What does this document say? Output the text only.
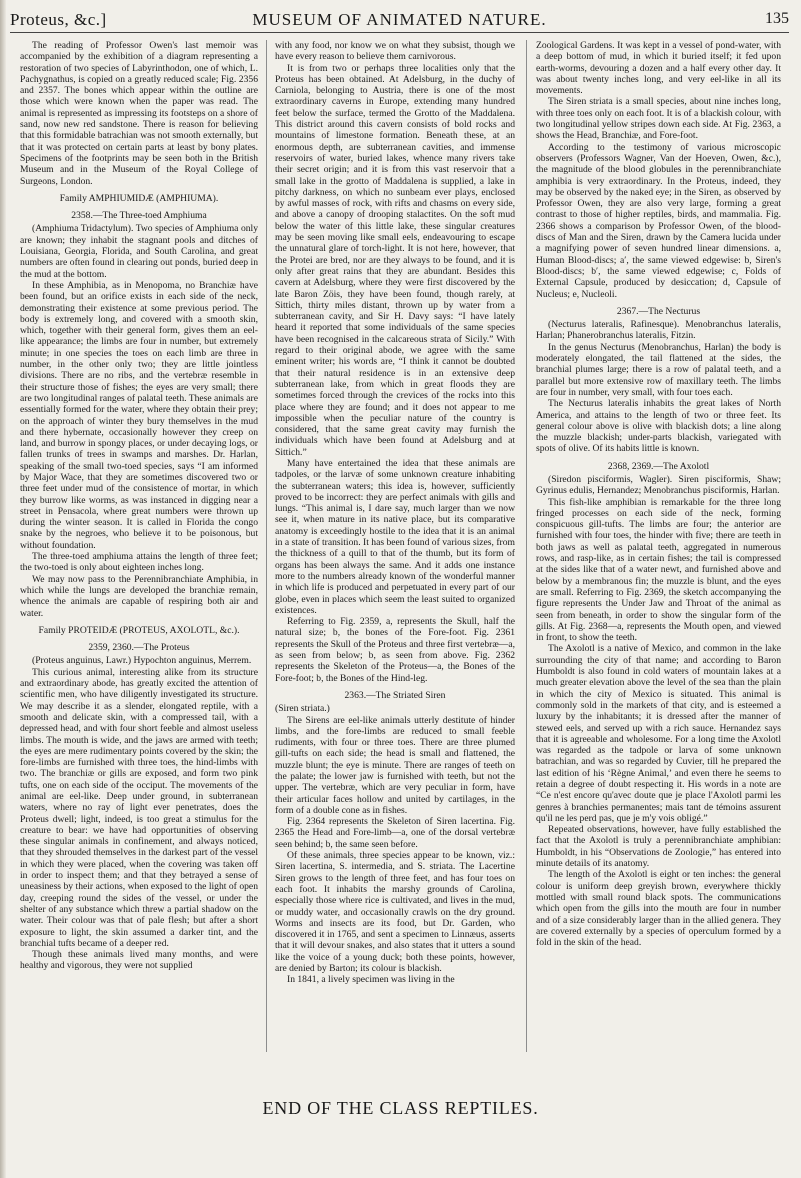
Proteus, &c.]	MUSEUM OF ANIMATED NATURE.	135

The reading of Professor Owen's last memoir was accompanied by the exhibition of a diagram representing a restoration of two species of Labyrinthodon, one of which, L. Pachygnathus, is copied on a greatly reduced scale; Fig. 2356 and 2357. The bones which appear within the outline are those which were known when the paper was read. The animal is represented as impressing its footsteps on a shore of sand, now new red sandstone. There is reason for believing that this formidable batrachian was not smooth externally, but that it was protected on certain parts at least by bony plates. Specimens of the footprints may be seen both in the British Museum and in the Museum of the Royal College of Surgeons, London.

Family AMPHIUMIDÆ (AMPHIUMA).

2358.—The Three-toed Amphiuma

(Amphiuma Tridactylum). Two species of Amphiuma only are known; they inhabit the stagnant pools and ditches of Louisiana, Georgia, Florida, and South Carolina, and great numbers are often found in clearing out ponds, buried deep in the mud at the bottom.

In these Amphibia, as in Menopoma, no Branchiæ have been found, but an orifice exists in each side of the neck, demonstrating their existence at some previous period. The body is extremely long, and covered with a smooth skin, which, together with their general form, gives them an eel-like appearance; the limbs are four in number, but extremely minute; in one species the toes on each limb are three in number, in the other only two; they are little jointless divisions. There are no ribs, and the vertebræ resemble in their structure those of fishes; the eyes are very small; there are two longitudinal ranges of palatal teeth. These animals are essentially formed for the water, where they obtain their prey; on the approach of winter they bury themselves in the mud and there hybernate, occasionally however they creep on land, and burrow in spongy places, or under decaying logs, or fallen trunks of trees in swamps and marshes. Dr. Harlan, speaking of the small two-toed species, says “I am informed by Major Wace, that they are sometimes discovered two or three feet under mud of the consistence of mortar, in which they burrow like worms, as was instanced in digging near a street in Pensacola, where great numbers were thrown up during the winter season. It is called in Florida the congo snake by the negroes, who believe it to be poisonous, but without foundation.

The three-toed amphiuma attains the length of three feet; the two-toed is only about eighteen inches long.

We may now pass to the Perennibranchiate Amphibia, in which while the lungs are developed the branchiæ remain, whence the animals are capable of respiring both air and water.

Family PROTEIDÆ (PROTEUS, AXOLOTL, &c.).

2359, 2360.—The Proteus

(Proteus anguinus, Lawr.) Hypochton anguinus, Merrem.

This curious animal, interesting alike from its structure and extraordinary abode, has greatly excited the attention of scientific men, who have diligently investigated its structure. We may describe it as a slender, elongated reptile, with a smooth and delicate skin, with a compressed tail, with a depressed head, and with four short feeble and almost useless limbs. The mouth is wide, and the jaws are armed with teeth; the eyes are mere rudimentary points covered by the skin; the fore-limbs are furnished with three toes, the hind-limbs with two. The branchiæ or gills are exposed, and form two pink tufts, one on each side of the occiput. The movements of the animal are eel-like. Deep under ground, in subterranean waters, where no ray of light ever penetrates, does the Proteus dwell; light, indeed, is too great a stimulus for the creature to bear: we have had opportunities of observing these singular animals in confinement, and always noticed, that they shrouded themselves in the darkest part of the vessel in which they were placed, when the covering was taken off in order to inspect them; and that they betrayed a sense of uneasiness by their actions, when exposed to the light of open day, creeping round the sides of the vessel, or under the shelter of any substance which threw a partial shadow on the water. Their colour was that of pale flesh; but after a short exposure to light, the skin assumed a darker tint, and the branchial tufts became of a deeper red.

Though these animals lived many months, and were healthy and vigorous, they were not supplied

with any food, nor know we on what they subsist, though we have every reason to believe them carnivorous.

It is from two or perhaps three localities only that the Proteus has been obtained. At Adelsburg, in the duchy of Carniola, belonging to Austria, there is one of the most extraordinary caverns in Europe, extending many hundred feet below the surface, termed the Grotto of the Maddalena. This district around this cavern consists of bold rocks and mountains of limestone formation. Beneath these, at an enormous depth, are subterranean cavities, and immense reservoirs of water, buried lakes, whence many rivers take their secret origin; and it is from this vast reservoir that a small lake in the grotto of Maddalena is supplied, a lake in pitchy darkness, on which no sunbeam ever plays, enclosed by awful masses of rock, with rifts and chasms on every side, and above a canopy of drooping stalactites. On the soft mud below the water of this little lake, these singular creatures may be seen moving like small eels, endeavouring to escape the unnatural glare of torch-light. It is not here, however, that the Protei are bred, nor are they always to be found, and it is only after great rains that they are abundant. Besides this cavern at Adelsburg, where they were first discovered by the late Baron Zöis, they have been found, though rarely, at Sittich, thirty miles distant, thrown up by water from a subterranean cavity, and Sir H. Davy says: “I have lately heard it reported that some individuals of the same species have been recognised in the calcareous strata of Sicily.” With regard to their original abode, we agree with the same eminent writer; his words are, “I think it cannot be doubted that their natural residence is in an extensive deep subterranean lake, from which in great floods they are sometimes forced through the crevices of the rocks into this place where they are found; and it does not appear to me impossible when the peculiar nature of the country is considered, that the same great cavity may furnish the individuals which have been found at Adelsburg and at Sittich.”

Many have entertained the idea that these animals are tadpoles, or the larvæ of some unknown creature inhabiting the subterranean waters; this idea is, however, sufficiently proved to be incorrect: they are perfect animals with gills and lungs. “This animal is, I dare say, much larger than we now see it, when mature in its native place, but its comparative anatomy is exceedingly hostile to the idea that it is an animal in a state of transition. It has been found of various sizes, from the thickness of a quill to that of the thumb, but its form of organs has been always the same. And it adds one instance more to the numbers already known of the wonderful manner in which life is produced and perpetuated in every part of our globe, even in places which seem the least suited to organized existences.

Referring to Fig. 2359, a, represents the Skull, half the natural size; b, the bones of the Fore-foot. Fig. 2361 represents the Skull of the Proteus and three first vertebræ—a, as seen from below; b, as seen from above. Fig. 2362 represents the Skeleton of the Proteus—a, the Bones of the Fore-foot; b, the Bones of the Hind-leg.

2363.—The Striated Siren

(Siren striata.)

The Sirens are eel-like animals utterly destitute of hinder limbs, and the fore-limbs are reduced to small feeble rudiments, with four or three toes. There are three plumed gill-tufts on each side; the head is small and flattened, the muzzle blunt; the eye is minute. There are ranges of teeth on the palate; the lower jaw is furnished with teeth, but not the upper. The vertebræ, which are very peculiar in form, have their articular faces hollow and united by cartilages, in the form of a double cone as in fishes.

Fig. 2364 represents the Skeleton of Siren lacertina. Fig. 2365 the Head and Fore-limb—a, one of the dorsal vertebræ seen behind; b, the same seen before.

Of these animals, three species appear to be known, viz.: Siren lacertina, S. intermedia, and S. striata. The Lacertine Siren grows to the length of three feet, and has four toes on each foot. It inhabits the marshy grounds of Carolina, especially those where rice is cultivated, and lives in the mud, or muddy water, and occasionally crawls on the dry ground. Worms and insects are its food, but Dr. Garden, who discovered it in 1765, and sent a specimen to Linnæus, asserts that it will devour snakes, and also states that it utters a sound like the voice of a young duck; both these points, however, are denied by Barton; its colour is blackish.

In 1841, a lively specimen was living in the

Zoological Gardens. It was kept in a vessel of pond-water, with a deep bottom of mud, in which it buried itself; it fed upon earth-worms, devouring a dozen and a half every other day. It was about twenty inches long, and very eel-like in all its movements.

The Siren striata is a small species, about nine inches long, with three toes only on each foot. It is of a blackish colour, with two longitudinal yellow stripes down each side. At Fig. 2363, a shows the Head, Branchiæ, and Fore-foot.

According to the testimony of various microscopic observers (Professors Wagner, Van der Hoeven, Owen, &c.), the magnitude of the blood globules in the perennibranchiate amphibia is very extraordinary. In the Proteus, indeed, they may be observed by the naked eye; in the Siren, as observed by Professor Owen, they are also very large, forming a great contrast to those of higher reptiles, birds, and mammalia. Fig. 2366 shows a comparison by Professor Owen, of the blood-discs of Man and the Siren, drawn by the Camera lucida under a magnifying power of seven hundred linear dimensions. a, Human Blood-discs; a′, the same viewed edgewise: b, Siren's Blood-discs; b′, the same viewed edgewise; c, Folds of External Capsule, produced by desiccation; d, Capsule of Nucleus; e, Nucleoli.

2367.—The Necturus

(Necturus lateralis, Rafinesque). Menobranchus lateralis, Harlan; Phanerobranchus lateralis, Fitzin.

In the genus Necturus (Menobranchus, Harlan) the body is moderately elongated, the tail flattened at the sides, the branchial plumes large; there is a row of palatal teeth, and a parallel but more extensive row of maxillary teeth. The limbs are four in number, very small, with four toes each.

The Necturus lateralis inhabits the great lakes of North America, and attains to the length of two or three feet. Its general colour above is olive with blackish dots; a line along the muzzle blackish; under-parts blackish, variegated with spots of olive. Of its habits little is known.

2368, 2369.—The Axolotl

(Siredon pisciformis, Wagler). Siren pisciformis, Shaw; Gyrinus edulis, Hernandez; Menobranchus pisciformis, Harlan.

This fish-like amphibian is remarkable for the three long fringed processes on each side of the neck, forming conspicuous gill-tufts. The limbs are four; the anterior are furnished with four toes, the hinder with five; there are teeth in both jaws as well as palatal teeth, aggregated in numerous rows, and rasp-like, as in certain fishes; the tail is compressed at the sides like that of a water newt, and furnished above and below by a membranous fin; the muzzle is blunt, and the eyes are small. Referring to Fig. 2369, the sketch accompanying the figure represents the Under Jaw and Throat of the animal as seen from beneath, in order to show the singular form of the gills. At Fig. 2368—a, represents the Mouth open, and viewed in front, to show the teeth.

The Axolotl is a native of Mexico, and common in the lake surrounding the city of that name; and according to Baron Humboldt is also found in cold waters of mountain lakes at a much greater elevation above the level of the sea than the plain in which the city of Mexico is situated. This animal is commonly sold in the markets of that city, and is esteemed a luxury by the inhabitants; it is dressed after the manner of stewed eels, and served up with a rich sauce. Hernandez says that it is agreeable and wholesome. For a long time the Axolotl was regarded as the tadpole or larva of some unknown batrachian, and was so regarded by Cuvier, till he prepared the last edition of his ‘Règne Animal,’ and even there he seems to retain a degree of doubt respecting it. His words in a note are “Ce n'est encore qu'avec doute que je place l'Axolotl parmi les genres à branchies permanentes; mais tant de témoins assurent qu'il ne les perd pas, que je m'y vois obligé.”

Repeated observations, however, have fully established the fact that the Axolotl is truly a perennibranchiate amphibian: Humboldt, in his “Observations de Zoologie,” has entered into minute details of its anatomy.

The length of the Axolotl is eight or ten inches: the general colour is uniform deep greyish brown, everywhere thickly mottled with small round black spots. The communications which open from the gills into the mouth are four in number and of a size considerably larger than in the allied genera. They are covered externally by a species of operculum formed by a fold in the skin of the head.

END OF THE CLASS REPTILES.
